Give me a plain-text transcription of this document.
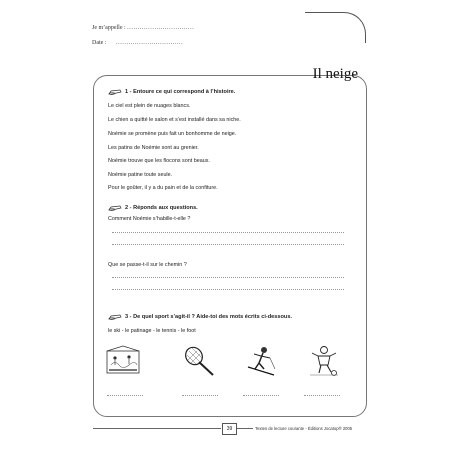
Je m’appelle : ................................
Date : ................................
Il neige
1 - Entoure ce qui correspond à l’histoire.
Le ciel est plein de nuages blancs.
Le chien a quitté le salon et s’est installé dans sa niche.
Noémie se promène puis fait un bonhomme de neige.
Les patins de Noémie sont au grenier.
Noémie trouve que les flocons sont beaux.
Noémie patine toute seule.
Pour le goûter, il y a du pain et de la confiture.
2 - Réponds aux questions.
Comment Noémie s’habille-t-elle ?
Que se passe-t-il sur le chemin ?
3 - De quel sport s’agit-il ? Aide-toi des mots écrits ci-dessous.
le ski - le patinage - le tennis - le foot
39	Textes de lecture courante - Éditions Jocatop® 2005
